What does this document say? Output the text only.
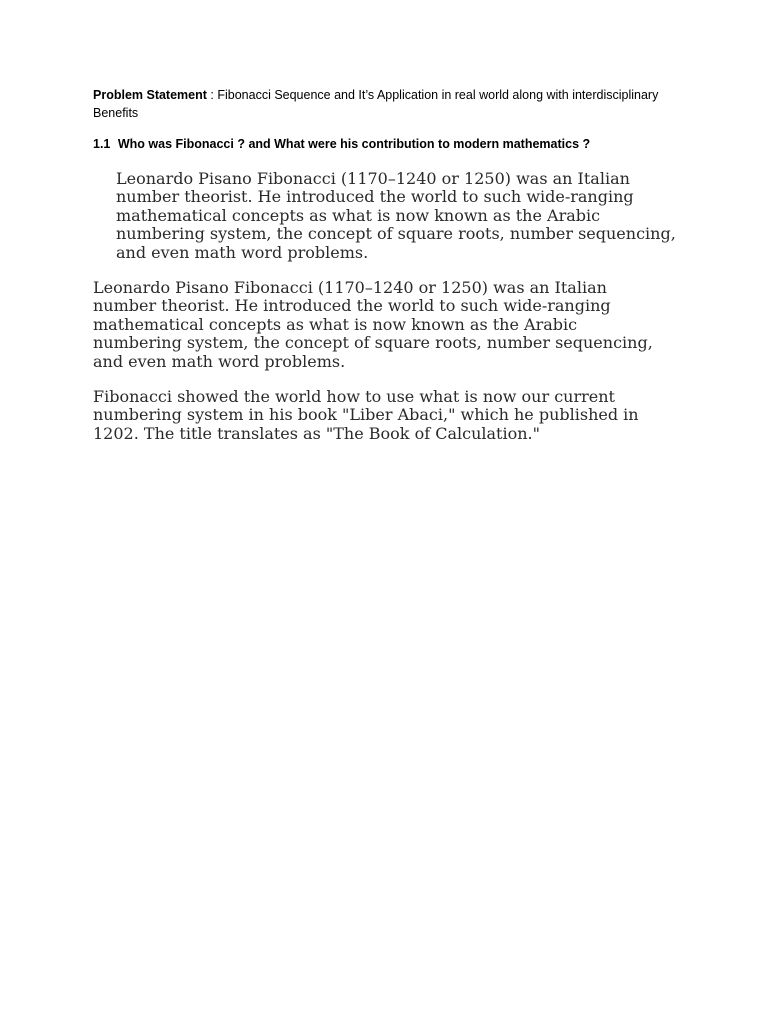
Problem Statement : Fibonacci Sequence and It’s Application in real world along with interdisciplinary Benefits

1.1 Who was Fibonacci ? and What were his contribution to modern mathematics ?

Leonardo Pisano Fibonacci (1170–1240 or 1250) was an Italian number theorist. He introduced the world to such wide-ranging mathematical concepts as what is now known as the Arabic numbering system, the concept of square roots, number sequencing, and even math word problems.

Leonardo Pisano Fibonacci (1170–1240 or 1250) was an Italian number theorist. He introduced the world to such wide-ranging mathematical concepts as what is now known as the Arabic numbering system, the concept of square roots, number sequencing, and even math word problems.

Fibonacci showed the world how to use what is now our current numbering system in his book "Liber Abaci," which he published in 1202. The title translates as "The Book of Calculation."
